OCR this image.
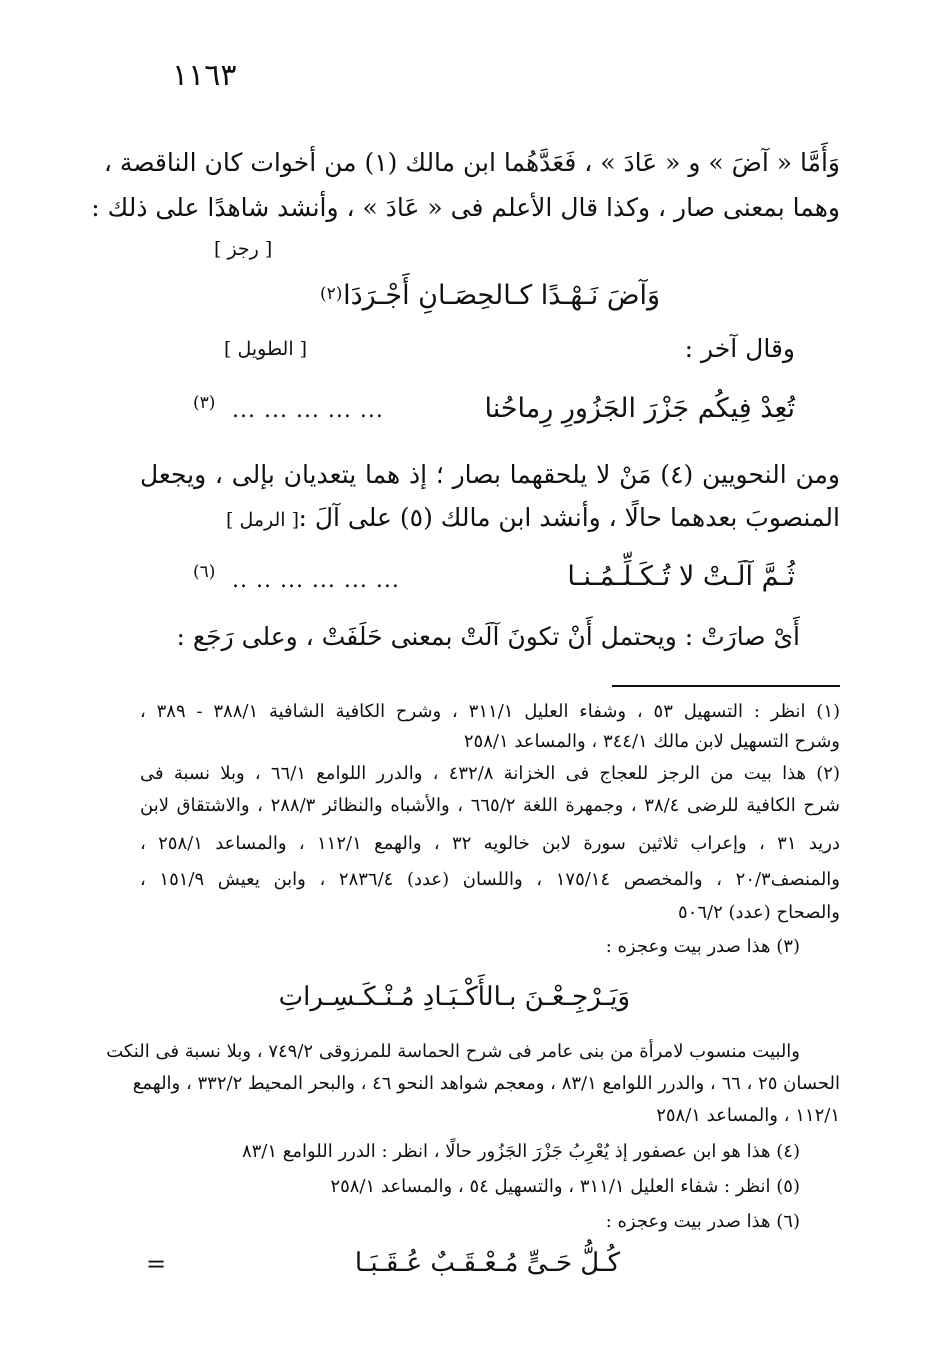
١١٦٣
وَأَمَّا « آضَ » و « عَادَ » ، فَعَدَّهُما ابن مالك (١) من أخوات كان الناقصة ،
وهما بمعنى صار ، وكذا قال الأعلم فى « عَادَ » ، وأنشد شاهدًا على ذلك :
[ رجز ]
وَآضَ نَـهْـدًا كـالحِصَـانِ أَجْـرَدَا
(٢)
وقال آخر :
[ الطويل ]
تُعِدْ فِيكُم جَزْرَ الجَزُورِ رِماحُنا
... ... ... ... ...
(٣)
ومن النحويين (٤) مَنْ لا يلحقهما بصار ؛ إذ هما يتعديان بإلى ، ويجعل
المنصوبَ بعدهما حالًا ، وأنشد ابن مالك (٥) على آلَ :
[ الرمل ]
ثُـمَّ آلَـتْ لا تُـكَـلِّـمُـنـا
... ... ... ... .. ..
(٦)
أَىْ صارَتْ : ويحتمل أَنْ تكونَ آلَتْ بمعنى حَلَفَتْ ، وعلى رَجَع :
(١) انظر : التسهيل ٥٣ ، وشفاء العليل ٣١١/١ ، وشرح الكافية الشافية ٣٨٨/١ - ٣٨٩ ،
وشرح التسهيل لابن مالك ٣٤٤/١ ، والمساعد ٢٥٨/١
(٢) هذا بيت من الرجز للعجاج فى الخزانة ٤٣٢/٨ ، والدرر اللوامع ٦٦/١ ، وبلا نسبة فى
شرح الكافية للرضى ٣٨/٤ ، وجمهرة اللغة ٦٦٥/٢ ، والأشباه والنظائر ٢٨٨/٣ ، والاشتقاق لابن
دريد ٣١ ، وإعراب ثلاثين سورة لابن خالويه ٣٢ ، والهمع ١١٢/١ ، والمساعد ٢٥٨/١ ،
والمنصف٢٠/٣ ، والمخصص ١٧٥/١٤ ، واللسان (عدد) ٢٨٣٦/٤ ، وابن يعيش ١٥١/٩ ،
والصحاح (عدد) ٥٠٦/٢
(٣) هذا صدر بيت وعجزه :
وَيَـرْجِـعْـنَ بـالأَكْـبَـادِ مُـنْـكَـسِـراتِ
والبيت منسوب لامرأة من بنى عامر فى شرح الحماسة للمرزوقى ٧٤٩/٢ ، وبلا نسبة فى النكت
الحسان ٢٥ ، ٦٦ ، والدرر اللوامع ٨٣/١ ، ومعجم شواهد النحو ٤٦ ، والبحر المحيط ٣٣٢/٢ ، والهمع
١١٢/١ ، والمساعد ٢٥٨/١
(٤) هذا هو ابن عصفور إذ يُعْرِبُ جَزْرَ الجَزُور حالًا ، انظر : الدرر اللوامع ٨٣/١
(٥) انظر : شفاء العليل ٣١١/١ ، والتسهيل ٥٤ ، والمساعد ٢٥٨/١
(٦) هذا صدر بيت وعجزه :
كُـلُّ حَـىٍّ مُـعْـقَـبٌ عُـقَـبَـا
=
